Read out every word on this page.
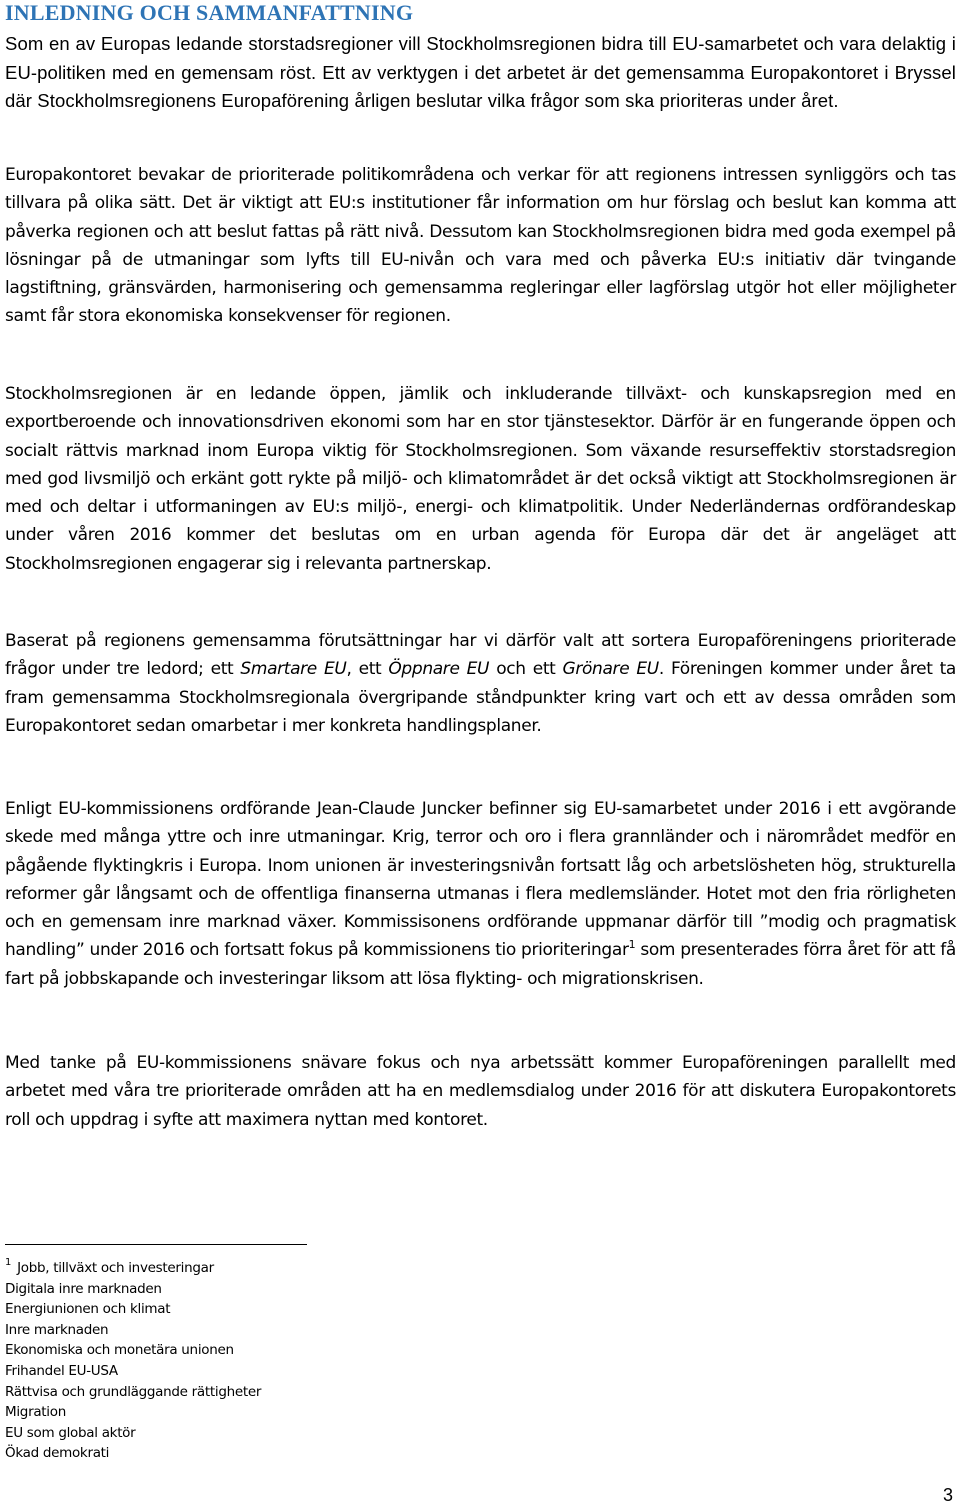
INLEDNING OCH SAMMANFATTNING

Som en av Europas ledande storstadsregioner vill Stockholmsregionen bidra till EU-samarbetet och vara delaktig i EU-politiken med en gemensam röst. Ett av verktygen i det arbetet är det gemensamma Europakontoret i Bryssel där Stockholmsregionens Europaförening årligen beslutar vilka frågor som ska prioriteras under året.

Europakontoret bevakar de prioriterade politikområdena och verkar för att regionens intressen synliggörs och tas tillvara på olika sätt. Det är viktigt att EU:s institutioner får information om hur förslag och beslut kan komma att påverka regionen och att beslut fattas på rätt nivå. Dessutom kan Stockholmsregionen bidra med goda exempel på lösningar på de utmaningar som lyfts till EU-nivån och vara med och påverka EU:s initiativ där tvingande lagstiftning, gränsvärden, harmonisering och gemensamma regleringar eller lagförslag utgör hot eller möjligheter samt får stora ekonomiska konsekvenser för regionen.

Stockholmsregionen är en ledande öppen, jämlik och inkluderande tillväxt- och kunskapsregion med en exportberoende och innovationsdriven ekonomi som har en stor tjänstesektor. Därför är en fungerande öppen och socialt rättvis marknad inom Europa viktig för Stockholmsregionen. Som växande resurseffektiv storstadsregion med god livsmiljö och erkänt gott rykte på miljö- och klimatområdet är det också viktigt att Stockholmsregionen är med och deltar i utformaningen av EU:s miljö-, energi- och klimatpolitik. Under Nederländernas ordförandeskap under våren 2016 kommer det beslutas om en urban agenda för Europa där det är angeläget att Stockholmsregionen engagerar sig i relevanta partnerskap.

Baserat på regionens gemensamma förutsättningar har vi därför valt att sortera Europaföreningens prioriterade frågor under tre ledord; ett Smartare EU, ett Öppnare EU och ett Grönare EU. Föreningen kommer under året ta fram gemensamma Stockholmsregionala övergripande ståndpunkter kring vart och ett av dessa områden som Europakontoret sedan omarbetar i mer konkreta handlingsplaner.

Enligt EU-kommissionens ordförande Jean-Claude Juncker befinner sig EU-samarbetet under 2016 i ett avgörande skede med många yttre och inre utmaningar. Krig, terror och oro i flera grannländer och i närområdet medför en pågående flyktingkris i Europa. Inom unionen är investeringsnivån fortsatt låg och arbetslösheten hög, strukturella reformer går långsamt och de offentliga finanserna utmanas i flera medlemsländer. Hotet mot den fria rörligheten och en gemensam inre marknad växer. Kommissisonens ordförande uppmanar därför till ”modig och pragmatisk handling” under 2016 och fortsatt fokus på kommissionens tio prioriteringar$^1$ som presenterades förra året för att få fart på jobbskapande och investeringar liksom att lösa flykting- och migrationskrisen.

Med tanke på EU-kommissionens snävare fokus och nya arbetssätt kommer Europaföreningen parallellt med arbetet med våra tre prioriterade områden att ha en medlemsdialog under 2016 för att diskutera Europakontorets roll och uppdrag i syfte att maximera nyttan med kontoret.

$^1$ Jobb, tillväxt och investeringar
Digitala inre marknaden
Energiunionen och klimat
Inre marknaden
Ekonomiska och monetära unionen
Frihandel EU-USA
Rättvisa och grundläggande rättigheter
Migration
EU som global aktör
Ökad demokrati
3
